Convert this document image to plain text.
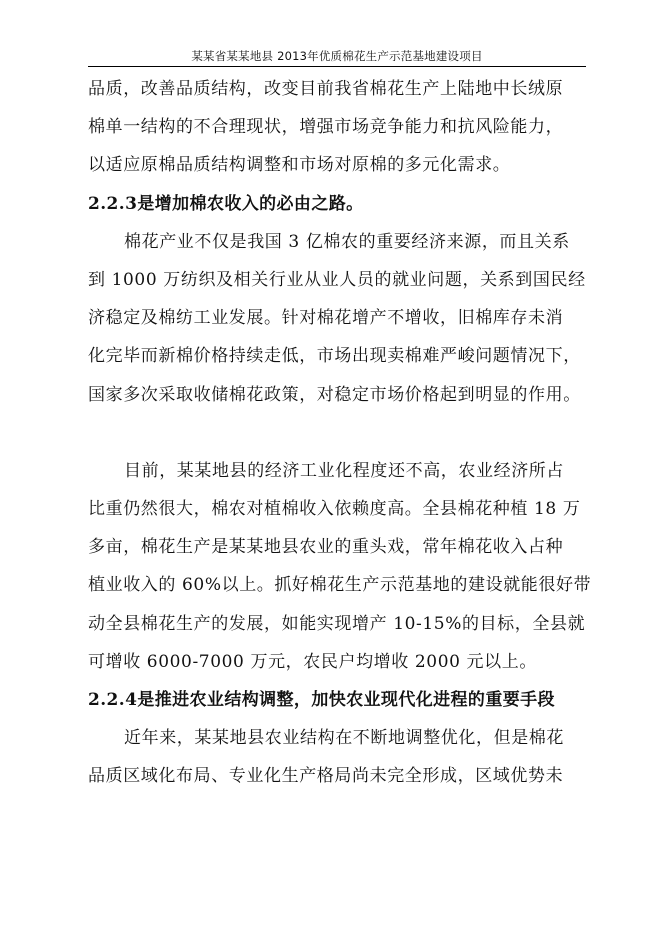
某某省某某地县 2013年优质棉花生产示范基地建设项目
品质，改善品质结构，改变目前我省棉花生产上陆地中长绒原
棉单一结构的不合理现状，增强市场竞争能力和抗风险能力，
以适应原棉品质结构调整和市场对原棉的多元化需求。
2.2.3是增加棉农收入的必由之路。
棉花产业不仅是我国 3 亿棉农的重要经济来源，而且关系
到 1000 万纺织及相关行业从业人员的就业问题，关系到国民经
济稳定及棉纺工业发展。针对棉花增产不增收，旧棉库存未消
化完毕而新棉价格持续走低，市场出现卖棉难严峻问题情况下，
国家多次采取收储棉花政策，对稳定市场价格起到明显的作用。
目前，某某地县的经济工业化程度还不高，农业经济所占
比重仍然很大，棉农对植棉收入依赖度高。全县棉花种植 18 万
多亩，棉花生产是某某地县农业的重头戏，常年棉花收入占种
植业收入的 60%以上。抓好棉花生产示范基地的建设就能很好带
动全县棉花生产的发展，如能实现增产 10-15%的目标，全县就
可增收 6000-7000 万元，农民户均增收 2000 元以上。
2.2.4是推进农业结构调整，加快农业现代化进程的重要手段
近年来，某某地县农业结构在不断地调整优化，但是棉花
品质区域化布局、专业化生产格局尚未完全形成，区域优势未
